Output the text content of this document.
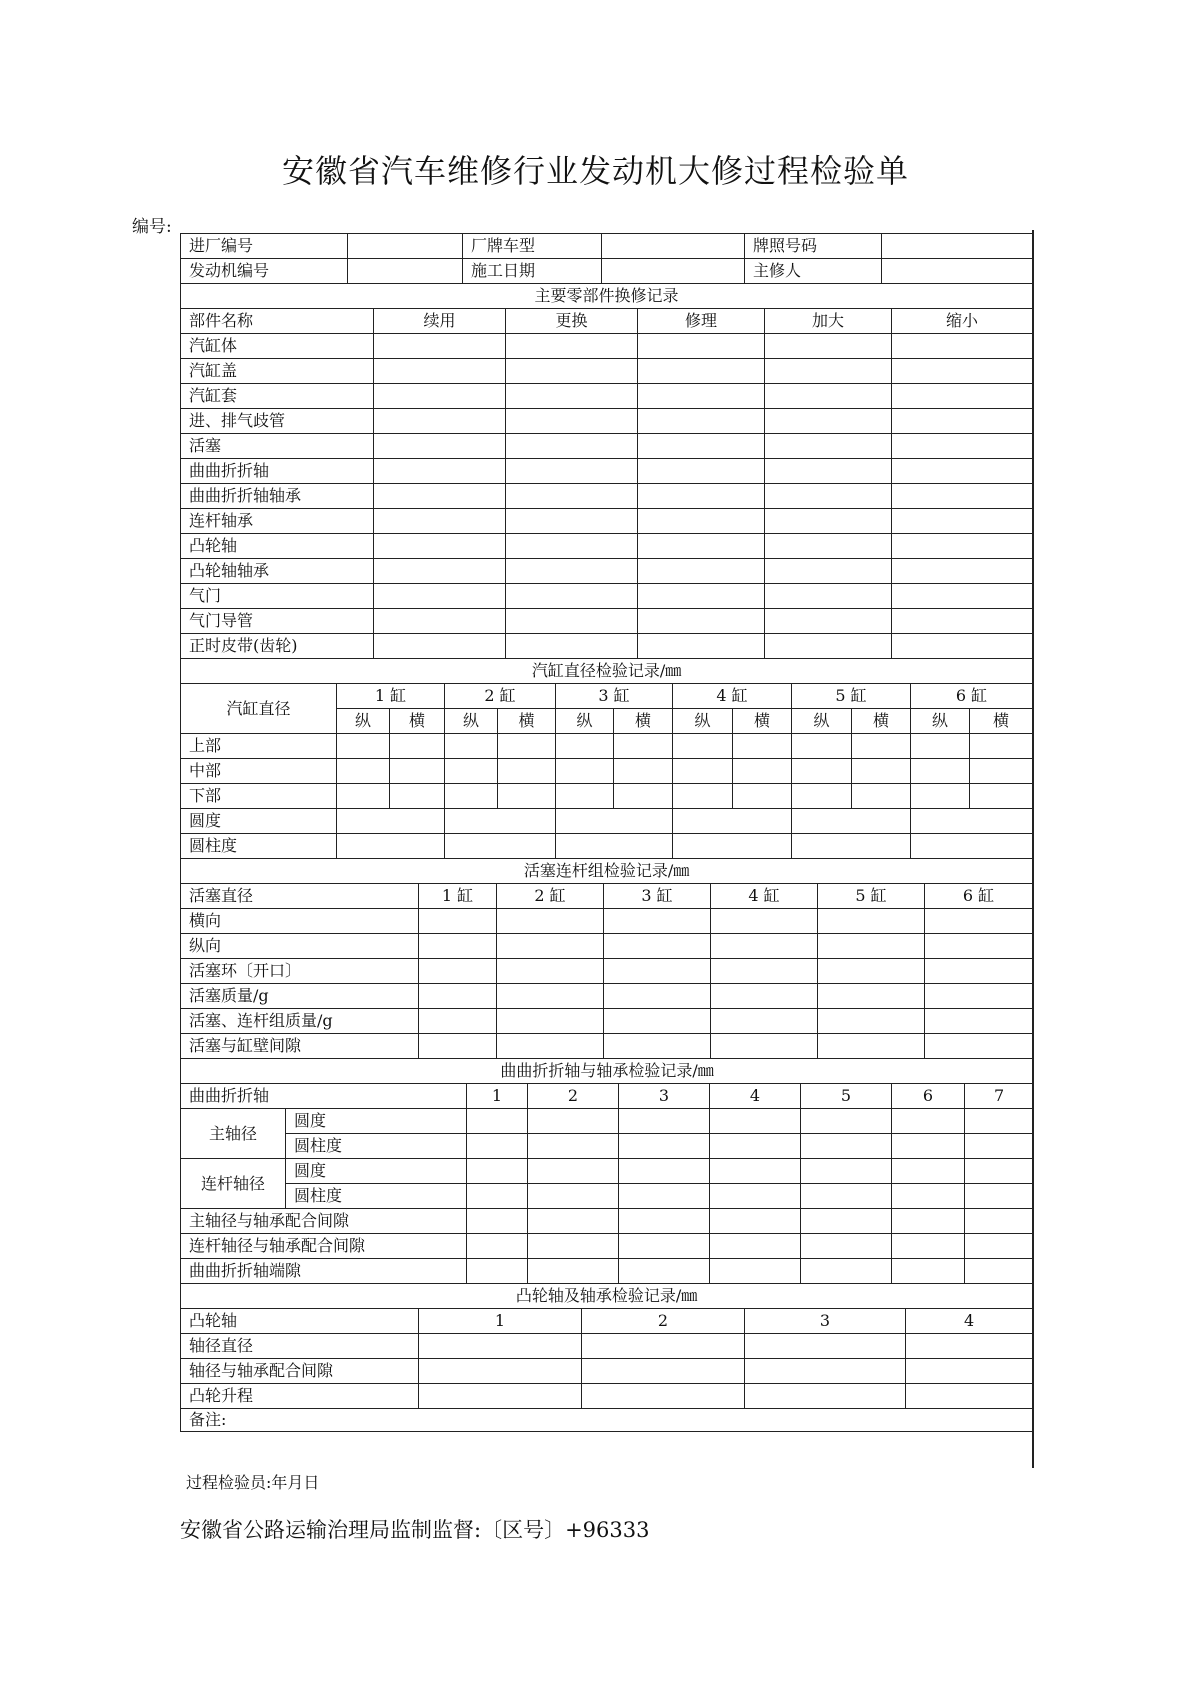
安徽省汽车维修行业发动机大修过程检验单
编号:
进厂编号		厂牌车型		牌照号码	
发动机编号		施工日期		主修人	
主要零部件换修记录					
部件名称	续用	更换	修理	加大	缩小
汽缸体					
汽缸盖					
汽缸套					
进、排气歧管					
活塞					
曲曲折折轴					
曲曲折折轴轴承					
连杆轴承					
凸轮轴					
凸轮轴轴承					
气门					
气门导管					
正时皮带(齿轮)					
汽缸直径检验记录/㎜												
汽缸直径	1 缸		2 缸		3 缸		4 缸		5 缸		6 缸	
	纵	横	纵	横	纵	横	纵	横	纵	横	纵	横
上部												
中部												
下部												
圆度												
圆柱度												
活塞连杆组检验记录/㎜						
活塞直径	1 缸	2 缸	3 缸	4 缸	5 缸	6 缸
横向						
纵向						
活塞环〔开口〕						
活塞质量/g						
活塞、连杆组质量/g						
活塞与缸壁间隙						
曲曲折折轴与轴承检验记录/㎜								
曲曲折折轴		1	2	3	4	5	6	7
主轴径	圆度							
	圆柱度							
连杆轴径	圆度							
	圆柱度							
主轴径与轴承配合间隙								
连杆轴径与轴承配合间隙								
曲曲折折轴端隙								
凸轮轴及轴承检验记录/㎜				
凸轮轴	1	2	3	4
轴径直径				
轴径与轴承配合间隙				
凸轮升程				
备注:				
过程检验员:年月日
安徽省公路运输治理局监制监督:〔区号〕+96333
